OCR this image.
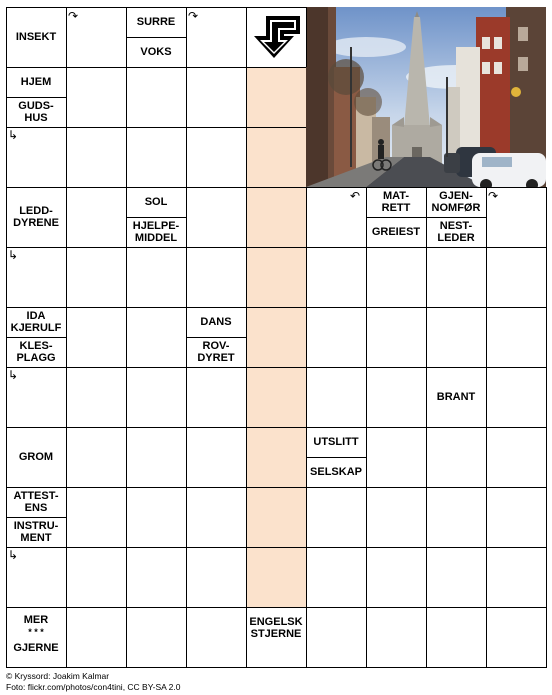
INSEKT
SURRE
VOKS
HJEM
GUDS-
HUS
LEDD-
DYRENE
SOL
HJELPE-
MIDDEL
MAT-
RETT
GJEN-
NOMFØR
GREIEST	NEST-
LEDER
IDA
KJERULF	DANS
KLES-
PLAGG
ROV-
DYRET
BRANT
GROM
UTSLITT
SELSKAP
ATTEST-
ENS
INSTRU-
MENT
MER
* * *
GJERNE
ENGELSK
STJERNE
↷	↷
↳
↳
↶	↷
↳
↳
© Kryssord: Joakim Kalmar
Foto: flickr.com/photos/con4tini, CC BY-SA 2.0
